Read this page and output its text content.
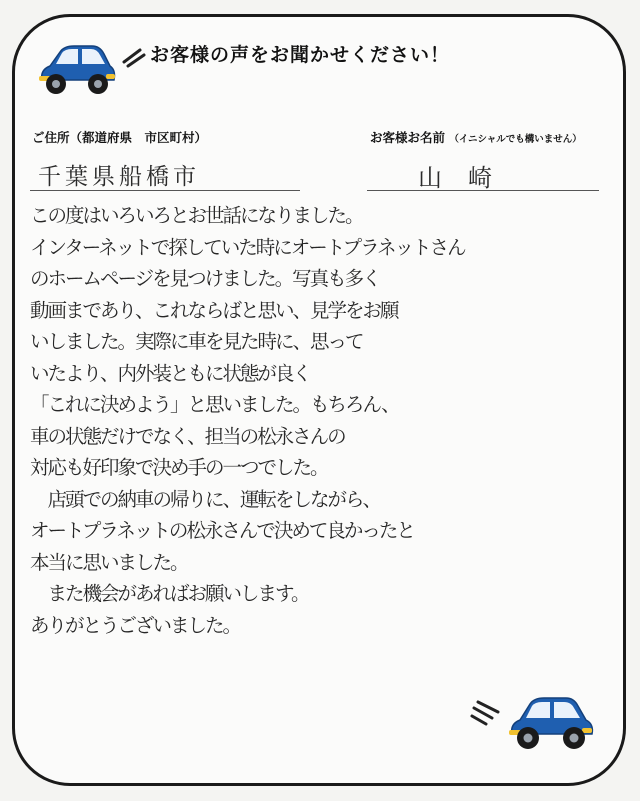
お客様の声をお聞かせください！
ご住所（都道府県　市区町村）	お客様お名前 （イニシャルでも構いません）
千葉県船橋市	山崎
この度はいろいろとお世話になりました。
インターネットで探していた時にオートプラネットさん
のホームページを見つけました。写真も多く
動画まであり、これならばと思い、見学をお願
いしました。実際に車を見た時に、思って
いたより、内外装ともに状態が良く
「これに決めよう」と思いました。もちろん、
車の状態だけでなく、担当の松永さんの
対応も好印象で決め手の一つでした。
　店頭での納車の帰りに、運転をしながら、
オートプラネットの松永さんで決めて良かったと
本当に思いました。
　また機会があればお願いします。
ありがとうございました。
